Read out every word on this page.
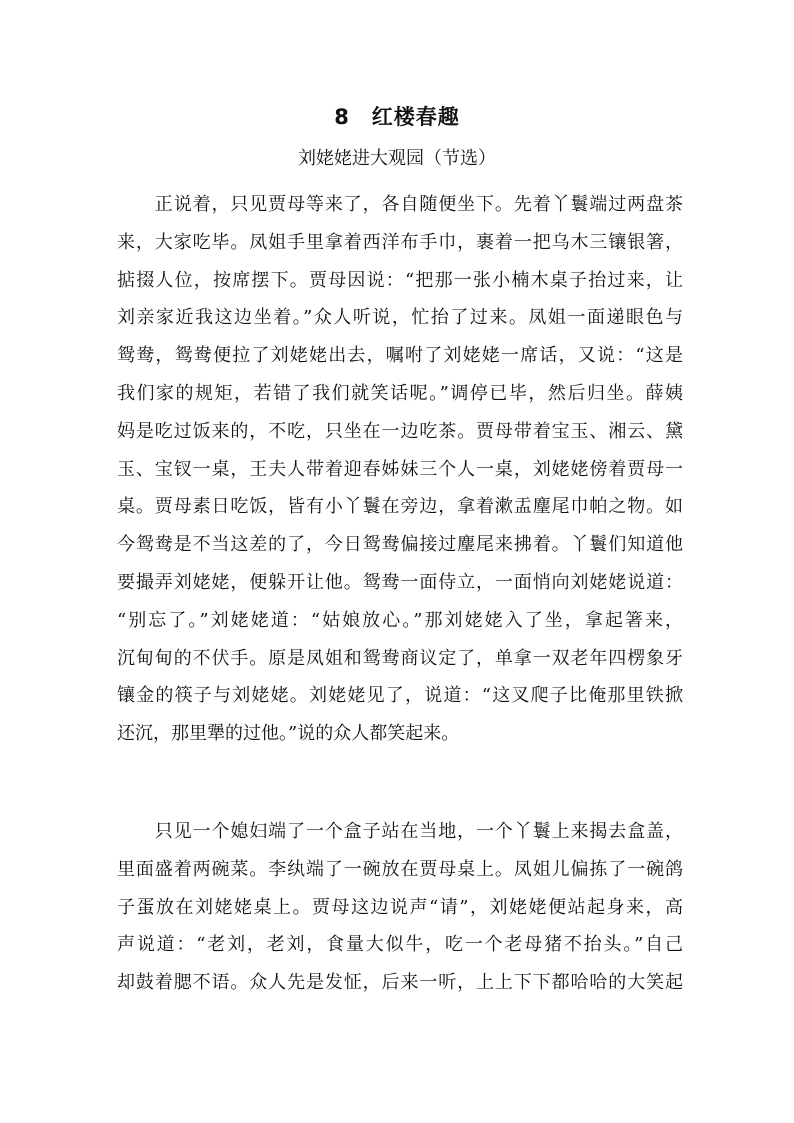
8　红楼春趣
刘姥姥进大观园（节选）
　　正说着，只见贾母等来了，各自随便坐下。先着丫鬟端过两盘茶
来，大家吃毕。凤姐手里拿着西洋布手巾，裹着一把乌木三镶银箸，
掂掇人位，按席摆下。贾母因说：“把那一张小楠木桌子抬过来，让
刘亲家近我这边坐着。”众人听说，忙抬了过来。凤姐一面递眼色与
鸳鸯，鸳鸯便拉了刘姥姥出去，嘱咐了刘姥姥一席话，又说：“这是
我们家的规矩，若错了我们就笑话呢。”调停已毕，然后归坐。薛姨
妈是吃过饭来的，不吃，只坐在一边吃茶。贾母带着宝玉、湘云、黛
玉、宝钗一桌，王夫人带着迎春姊妹三个人一桌，刘姥姥傍着贾母一
桌。贾母素日吃饭，皆有小丫鬟在旁边，拿着漱盂麈尾巾帕之物。如
今鸳鸯是不当这差的了，今日鸳鸯偏接过麈尾来拂着。丫鬟们知道他
要撮弄刘姥姥，便躲开让他。鸳鸯一面侍立，一面悄向刘姥姥说道：
“别忘了。”刘姥姥道：“姑娘放心。”那刘姥姥入了坐，拿起箸来，
沉甸甸的不伏手。原是凤姐和鸳鸯商议定了，单拿一双老年四楞象牙
镶金的筷子与刘姥姥。刘姥姥见了，说道：“这叉爬子比俺那里铁掀
还沉，那里犟的过他。”说的众人都笑起来。
　　只见一个媳妇端了一个盒子站在当地，一个丫鬟上来揭去盒盖，
里面盛着两碗菜。李纨端了一碗放在贾母桌上。凤姐儿偏拣了一碗鸽
子蛋放在刘姥姥桌上。贾母这边说声“请”，刘姥姥便站起身来，高
声说道：“老刘，老刘，食量大似牛，吃一个老母猪不抬头。”自己
却鼓着腮不语。众人先是发怔，后来一听，上上下下都哈哈的大笑起
